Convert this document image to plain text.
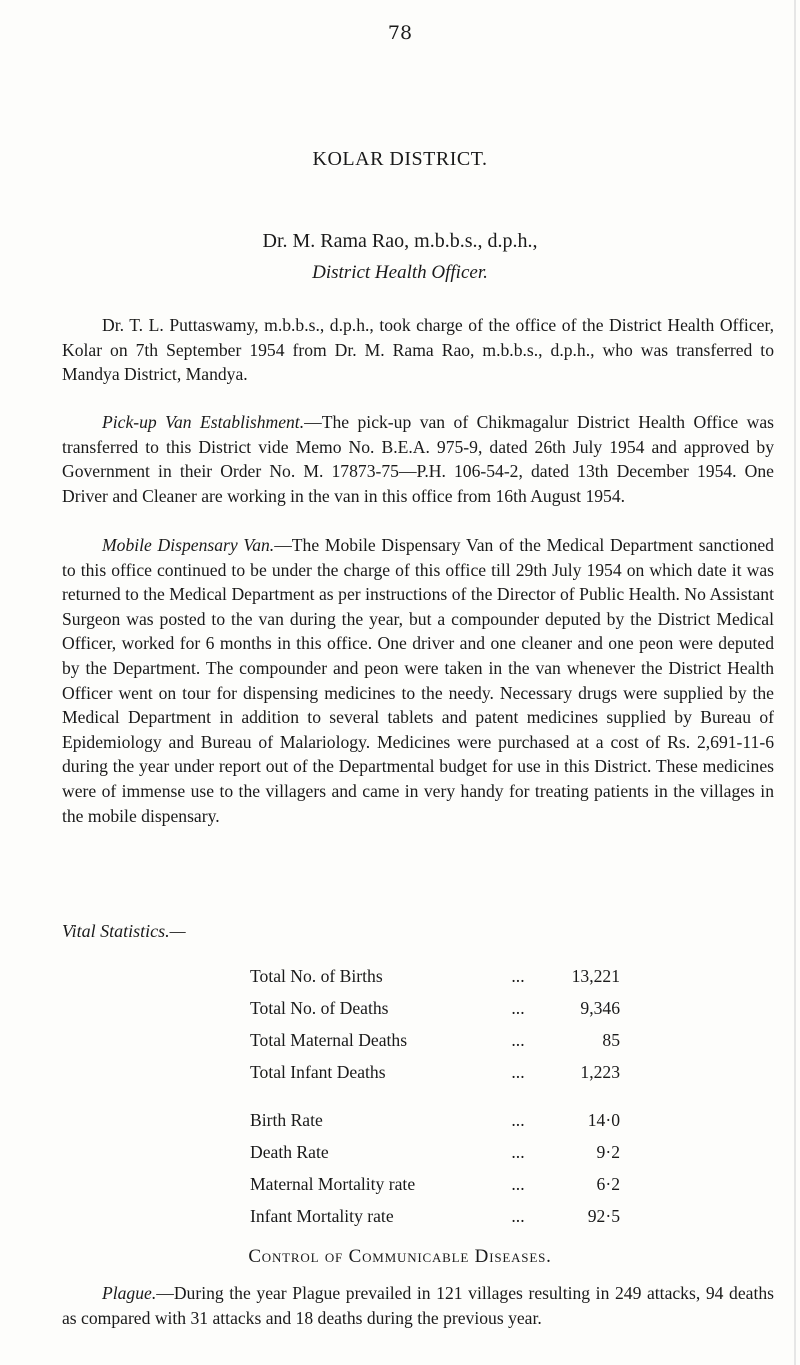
78
KOLAR DISTRICT.
Dr. M. Rama Rao, m.b.b.s., d.p.h.,
District Health Officer.

Dr. T. L. Puttaswamy, m.b.b.s., d.p.h., took charge of the office of the District Health Officer, Kolar on 7th September 1954 from Dr. M. Rama Rao, m.b.b.s., d.p.h., who was transferred to Mandya District, Mandya.

Pick-up Van Establishment.—The pick-up van of Chikmagalur District Health Office was transferred to this District vide Memo No. B.E.A. 975-9, dated 26th July 1954 and approved by Government in their Order No. M. 17873-75—P.H. 106-54-2, dated 13th December 1954. One Driver and Cleaner are working in the van in this office from 16th August 1954.

Mobile Dispensary Van.—The Mobile Dispensary Van of the Medical Department sanctioned to this office continued to be under the charge of this office till 29th July 1954 on which date it was returned to the Medical Department as per instructions of the Director of Public Health. No Assistant Surgeon was posted to the van during the year, but a compounder deputed by the District Medical Officer, worked for 6 months in this office. One driver and one cleaner and one peon were deputed by the Department. The compounder and peon were taken in the van whenever the District Health Officer went on tour for dispensing medicines to the needy. Necessary drugs were supplied by the Medical Department in addition to several tablets and patent medicines supplied by Bureau of Epidemiology and Bureau of Malariology. Medicines were purchased at a cost of Rs. 2,691-11-6 during the year under report out of the Departmental budget for use in this District. These medicines were of immense use to the villagers and came in very handy for treating patients in the villages in the mobile dispensary.

Vital Statistics.—
Total No. of Births	...	13,221
Total No. of Deaths	...	9,346
Total Maternal Deaths	...	85
Total Infant Deaths	...	1,223
Birth Rate	...	14·0
Death Rate	...	9·2
Maternal Mortality rate	...	6·2
Infant Mortality rate	...	92·5
Control of Communicable Diseases.

Plague.—During the year Plague prevailed in 121 villages resulting in 249 attacks, 94 deaths as compared with 31 attacks and 18 deaths during the previous year.
